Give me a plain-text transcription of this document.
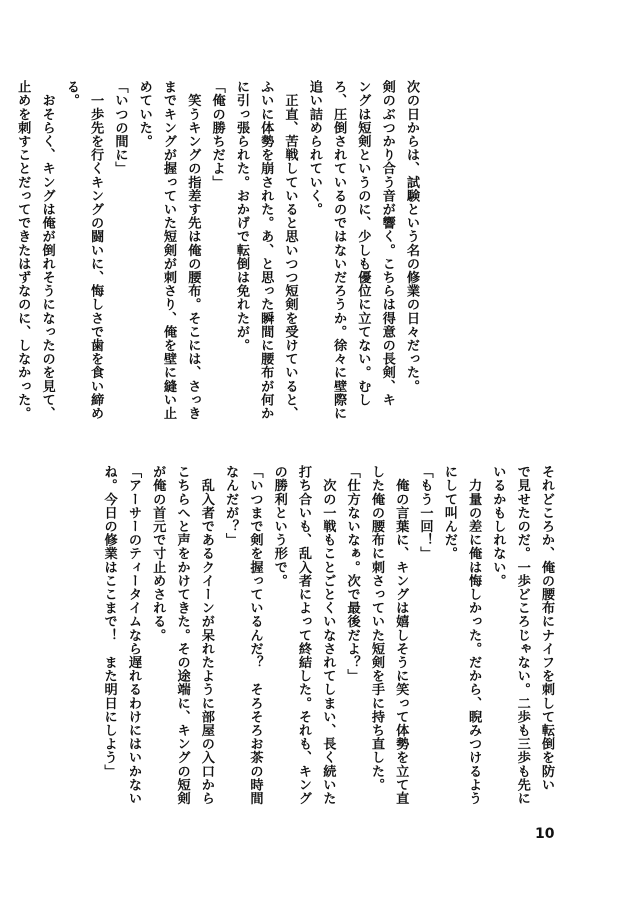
次の日からは、試験という名の修業の日々だった。
剣のぶつかり合う音が響く。こちらは得意の長剣、キ
ングは短剣というのに、少しも優位に立てない。むし
ろ、圧倒されているのではないだろうか。徐々に壁際に
追い詰められていく。
　正直、苦戦していると思いつつ短剣を受けていると、
ふいに体勢を崩された。あ、と思った瞬間に腰布が何か
に引っ張られた。おかげで転倒は免れたが。
「俺の勝ちだよ」
　笑うキングの指差す先は俺の腰布。そこには、さっき
までキングが握っていた短剣が刺さり、俺を壁に縫い止
めていた。
「いつの間に」
　一歩先を行くキングの闘いに、悔しさで歯を食い締め
る。
　おそらく、キングは俺が倒れそうになったのを見て、
止めを刺すことだってできたはずなのに、しなかった。
それどころか、俺の腰布にナイフを刺して転倒を防い
で見せたのだ。一歩どころじゃない。二歩も三歩も先に
いるかもしれない。
　力量の差に俺は悔しかった。だから、睨みつけるよう
にして叫んだ。
「もう一回！」
　俺の言葉に、キングは嬉しそうに笑って体勢を立て直
した俺の腰布に刺さっていた短剣を手に持ち直した。
「仕方ないなぁ。次で最後だよ？」
　次の一戦もことごとくいなされてしまい、長く続いた
打ち合いも、乱入者によって終結した。それも、キング
の勝利という形で。
「いつまで剣を握っているんだ？　そろそろお茶の時間
なんだが？」
　乱入者であるクイーンが呆れたように部屋の入口から
こちらへと声をかけてきた。その途端に、キングの短剣
が俺の首元で寸止めされる。
「アーサーのティータイムなら遅れるわけにはいかない
ね。今日の修業はここまで！　また明日にしよう」
10
